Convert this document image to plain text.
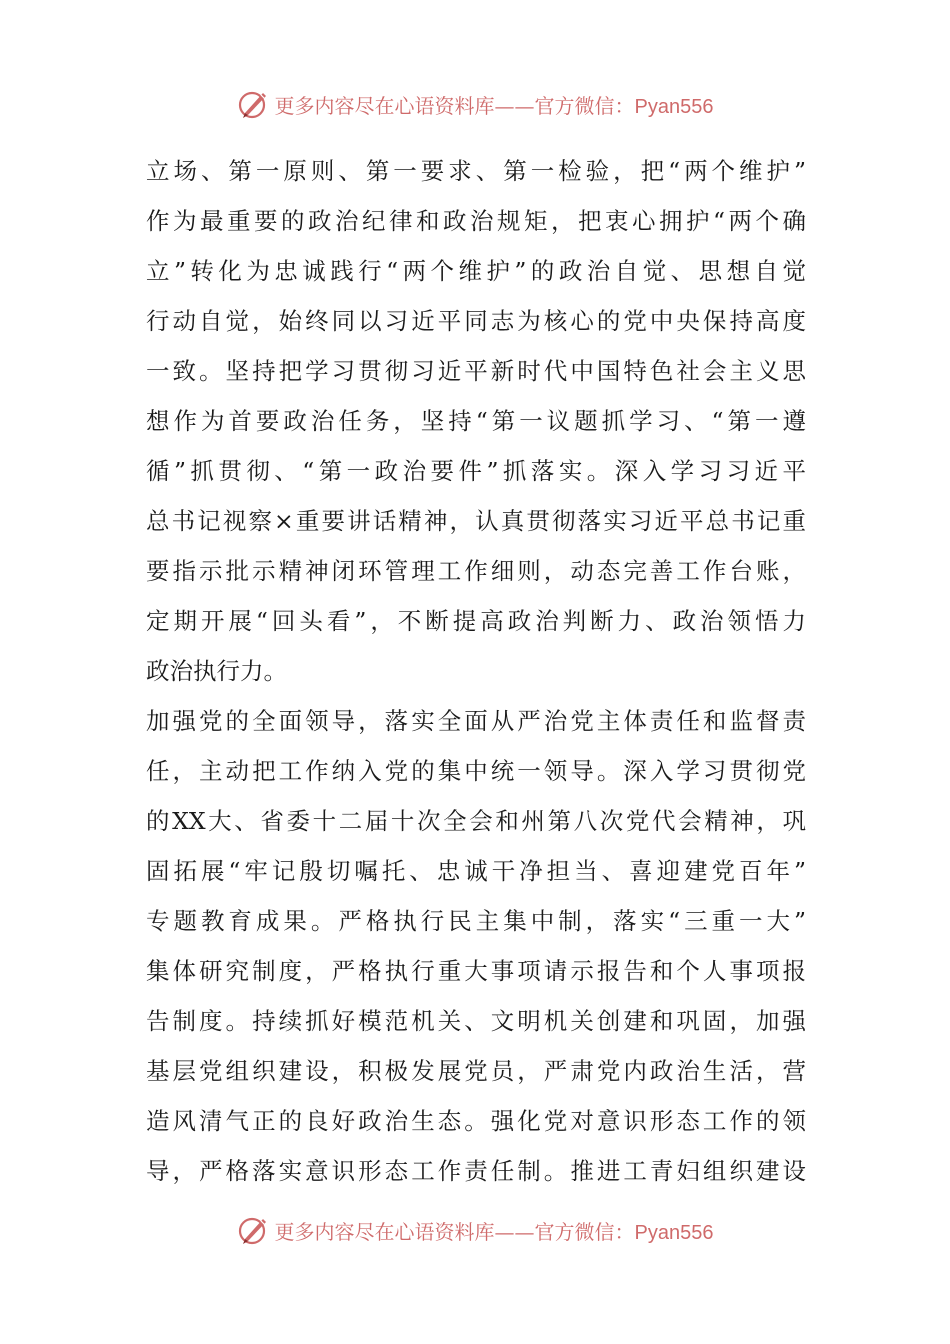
更多内容尽在心语资料库——官方微信：Pyan556
立场、第一原则、第一要求、第一检验，把“两个维护”
作为最重要的政治纪律和政治规矩，把衷心拥护“两个确
立”转化为忠诚践行“两个维护”的政治自觉、思想自觉
行动自觉，始终同以习近平同志为核心的党中央保持高度
一致。坚持把学习贯彻习近平新时代中国特色社会主义思
想作为首要政治任务，坚持“第一议题抓学习、“第一遵
循”抓贯彻、“第一政治要件”抓落实。深入学习习近平
总书记视察×重要讲话精神，认真贯彻落实习近平总书记重
要指示批示精神闭环管理工作细则，动态完善工作台账，
定期开展“回头看”，不断提高政治判断力、政治领悟力
政治执行力。
加强党的全面领导，落实全面从严治党主体责任和监督责
任，主动把工作纳入党的集中统一领导。深入学习贯彻党
的XX大、省委十二届十次全会和州第八次党代会精神，巩
固拓展“牢记殷切嘱托、忠诚干净担当、喜迎建党百年”
专题教育成果。严格执行民主集中制，落实“三重一大”
集体研究制度，严格执行重大事项请示报告和个人事项报
告制度。持续抓好模范机关、文明机关创建和巩固，加强
基层党组织建设，积极发展党员，严肃党内政治生活，营
造风清气正的良好政治生态。强化党对意识形态工作的领
导，严格落实意识形态工作责任制。推进工青妇组织建设
更多内容尽在心语资料库——官方微信：Pyan556
